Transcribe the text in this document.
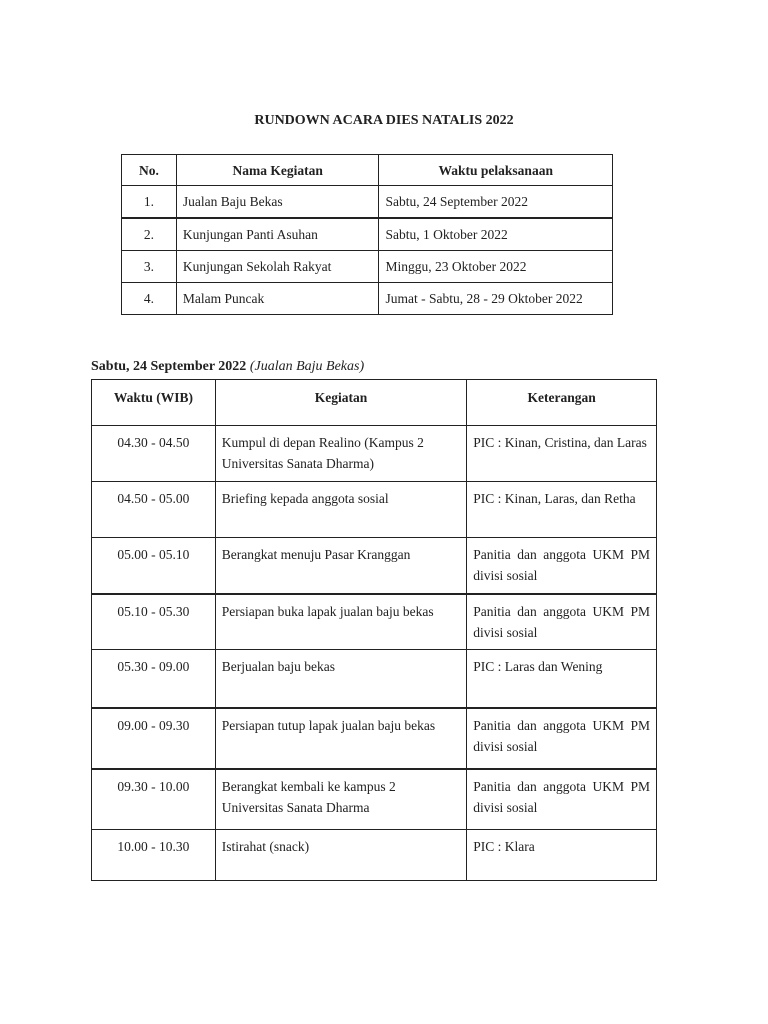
RUNDOWN ACARA DIES NATALIS 2022
No.	Nama Kegiatan	Waktu pelaksanaan
1.	Jualan Baju Bekas	Sabtu, 24 September 2022
2.	Kunjungan Panti Asuhan	Sabtu, 1 Oktober 2022
3.	Kunjungan Sekolah Rakyat	Minggu, 23 Oktober 2022
4.	Malam Puncak	Jumat - Sabtu, 28 - 29 Oktober 2022
Sabtu, 24 September 2022 (Jualan Baju Bekas)
Waktu (WIB)	Kegiatan	Keterangan
04.30 - 04.50	Kumpul di depan Realino (Kampus 2 Universitas Sanata Dharma)	PIC : Kinan, Cristina, dan Laras
04.50 - 05.00	Briefing kepada anggota sosial	PIC : Kinan, Laras, dan Retha
05.00 - 05.10	Berangkat menuju Pasar Kranggan	Panitia dan anggota UKM PM divisi sosial
05.10 - 05.30	Persiapan buka lapak jualan baju bekas	Panitia dan anggota UKM PM divisi sosial
05.30 - 09.00	Berjualan baju bekas	PIC : Laras dan Wening
09.00 - 09.30	Persiapan tutup lapak jualan baju bekas	Panitia dan anggota UKM PM divisi sosial
09.30 - 10.00	Berangkat kembali ke kampus 2 Universitas Sanata Dharma	Panitia dan anggota UKM PM divisi sosial
10.00 - 10.30	Istirahat (snack)	PIC : Klara
